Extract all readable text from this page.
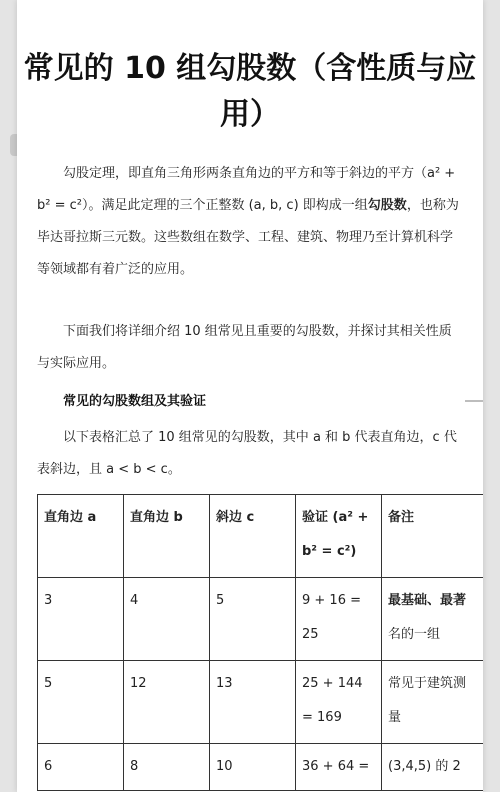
常见的 10 组勾股数（含性质与应用）

勾股定理，即直角三角形两条直角边的平方和等于斜边的平方（a² + b² = c²）。满足此定理的三个正整数 (a, b, c) 即构成一组勾股数，也称为毕达哥拉斯三元数。这些数组在数学、工程、建筑、物理乃至计算机科学等领域都有着广泛的应用。

下面我们将详细介绍 10 组常见且重要的勾股数，并探讨其相关性质与实际应用。

常见的勾股数组及其验证

以下表格汇总了 10 组常见的勾股数，其中 a 和 b 代表直角边，c 代表斜边，且 a < b < c。

直角边 a	直角边 b	斜边 c	验证 (a² + b² = c²)	备注
3	4	5	9 + 16 = 25	最基础、最著名的一组
5	12	13	25 + 144 = 169	常见于建筑测量
6	8	10	36 + 64 =	(3,4,5) 的 2
